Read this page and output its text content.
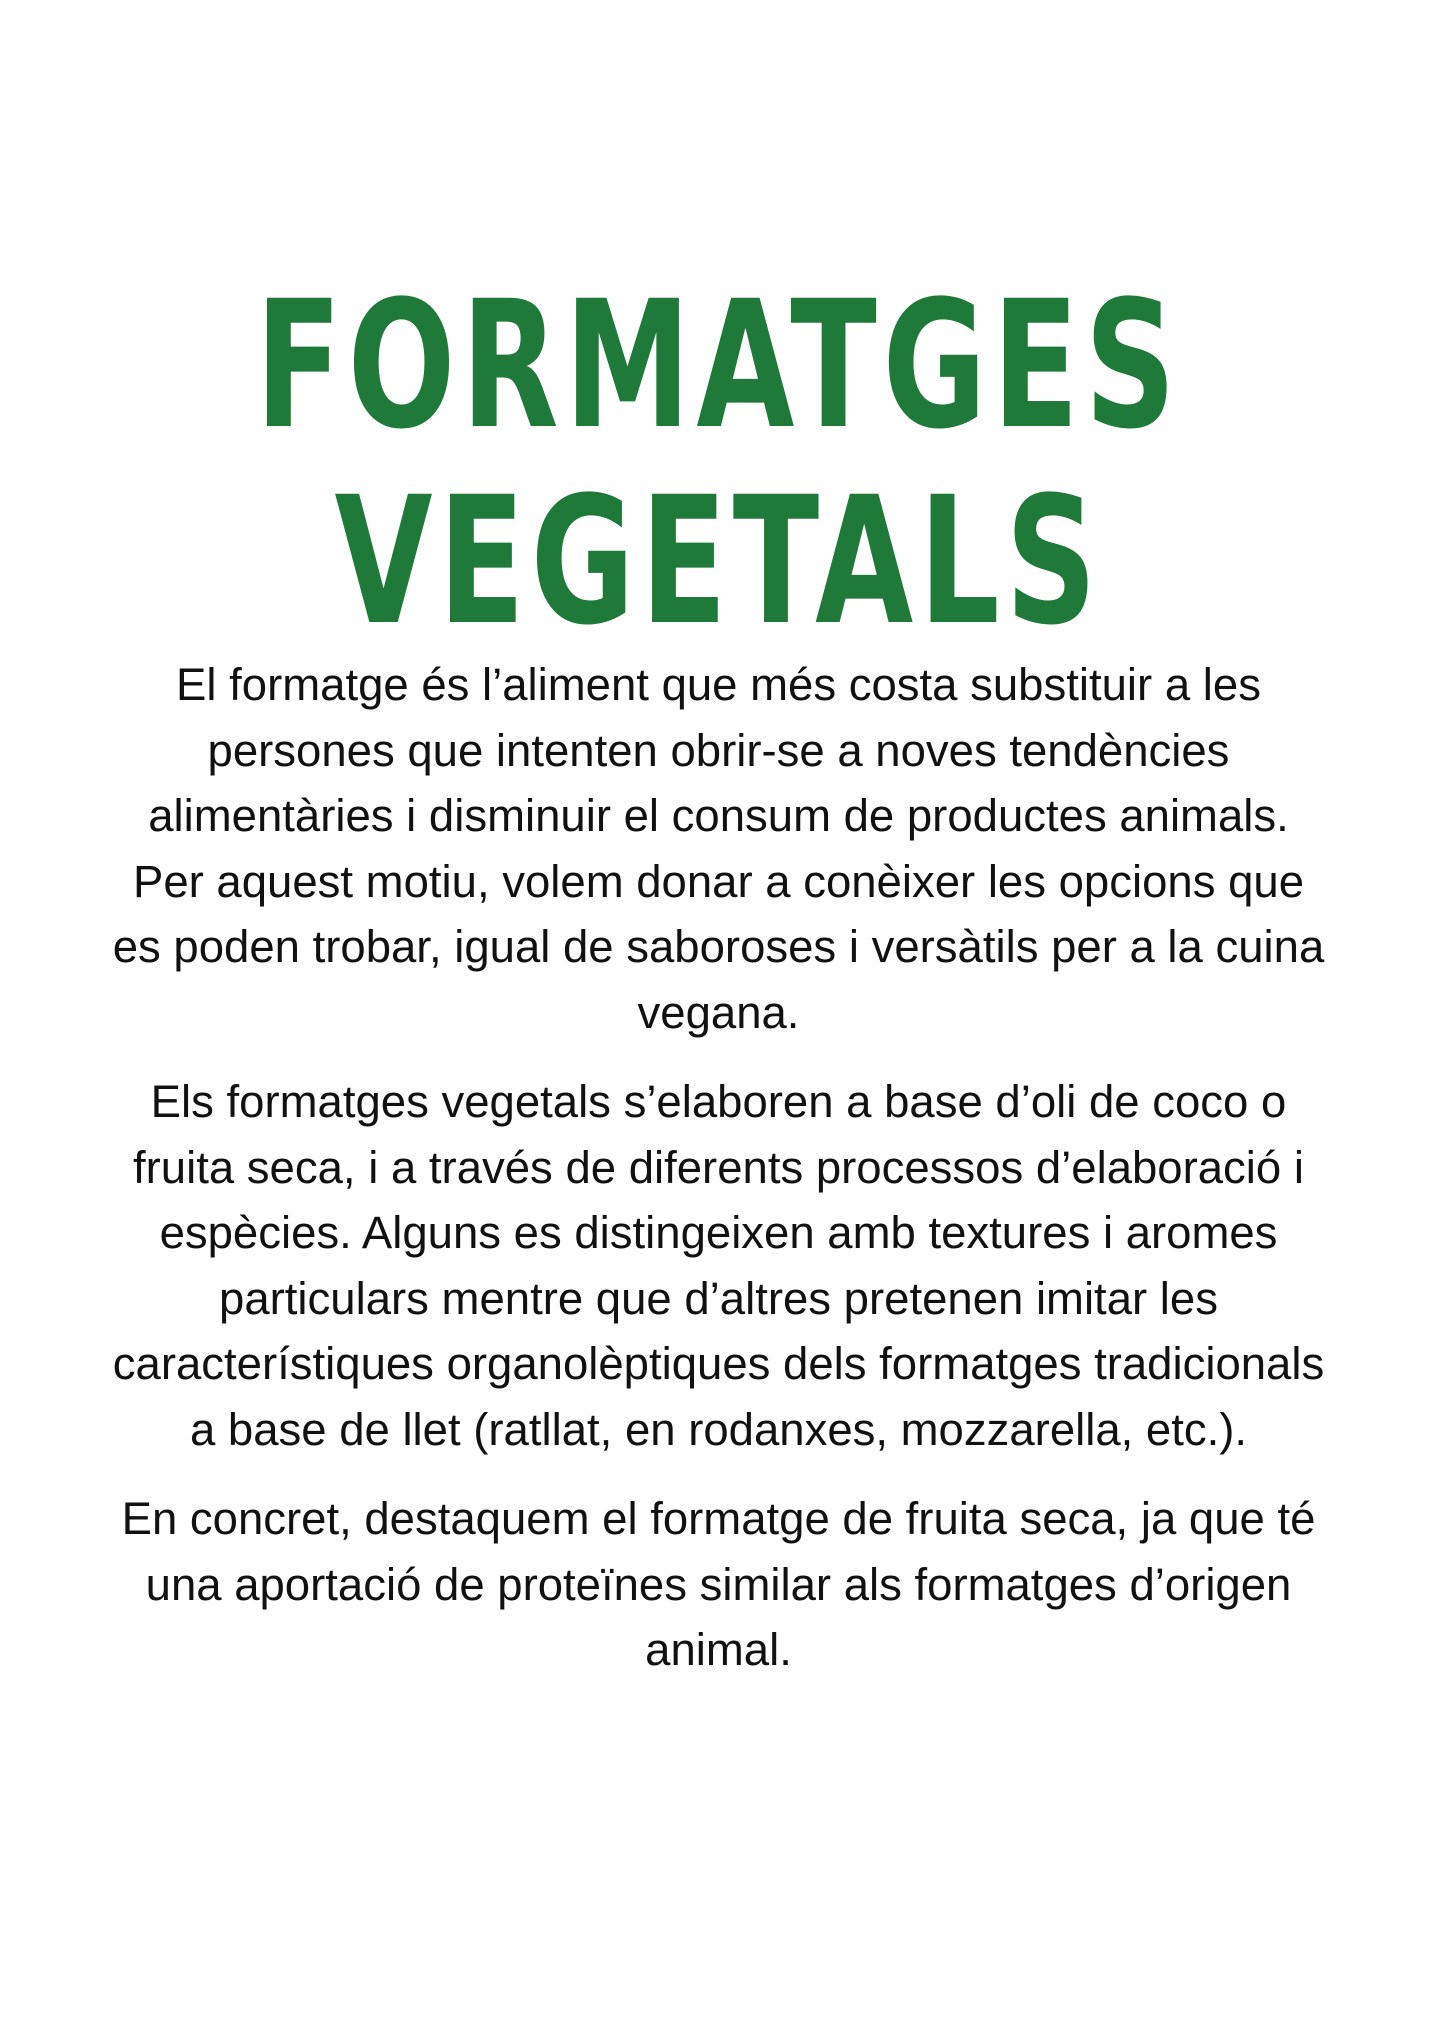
FORMATGES
VEGETALS

El formatge és l’aliment que més costa substituir a les persones que intenten obrir-se a noves tendències alimentàries i disminuir el consum de productes animals. Per aquest motiu, volem donar a conèixer les opcions que es poden trobar, igual de saboroses i versàtils per a la cuina vegana.

Els formatges vegetals s’elaboren a base d’oli de coco o fruita seca, i a través de diferents processos d’elaboració i espècies. Alguns es distingeixen amb textures i aromes particulars mentre que d’altres pretenen imitar les característiques organolèptiques dels formatges tradicionals a base de llet (ratllat, en rodanxes, mozzarella, etc.).

En concret, destaquem el formatge de fruita seca, ja que té una aportació de proteïnes similar als formatges d’origen animal.
